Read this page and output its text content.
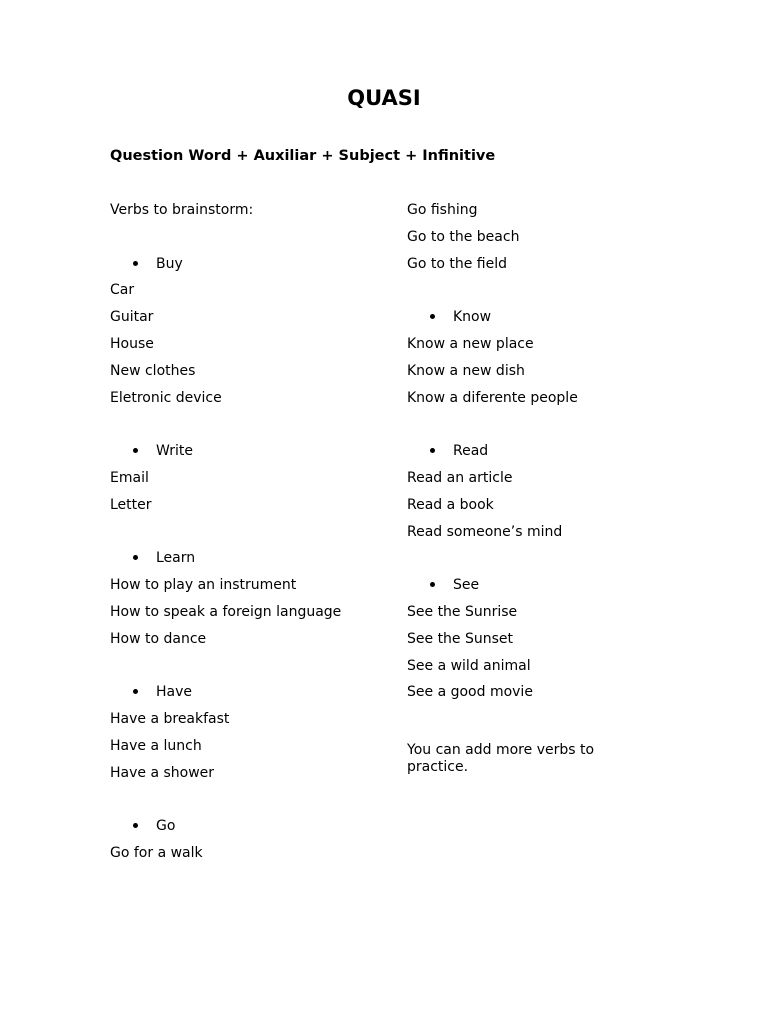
QUASI
Question Word + Auxiliar + Subject + Infinitive
Verbs to brainstorm:
Buy
Car
Guitar
House
New clothes
Eletronic device
Write
Email
Letter
Learn
How to play an instrument
How to speak a foreign language
How to dance
Have
Have a breakfast
Have a lunch
Have a shower
Go
Go for a walk
Go fishing
Go to the beach
Go to the field
Know
Know a new place
Know a new dish
Know a diferente people
Read
Read an article
Read a book
Read someone’s mind
See
See the Sunrise
See the Sunset
See a wild animal
See a good movie
You can add more verbs to practice.
